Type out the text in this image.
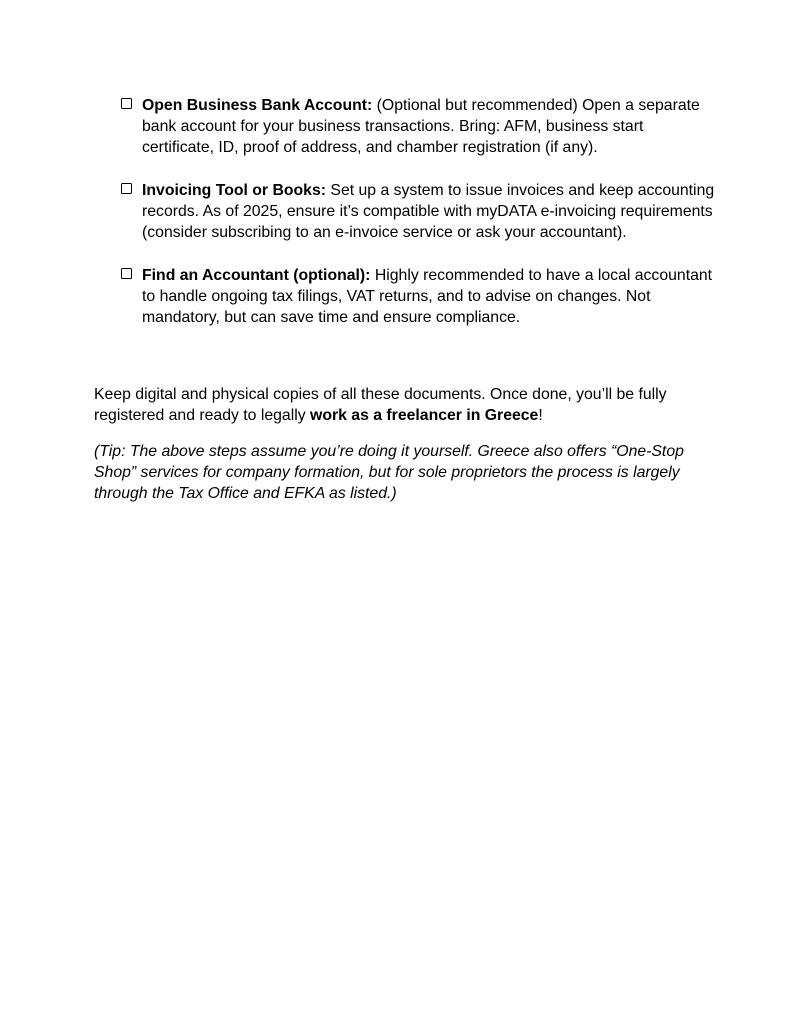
Open Business Bank Account: (Optional but recommended) Open a separate bank account for your business transactions. Bring: AFM, business start certificate, ID, proof of address, and chamber registration (if any).
Invoicing Tool or Books: Set up a system to issue invoices and keep accounting records. As of 2025, ensure it’s compatible with myDATA e-invoicing requirements (consider subscribing to an e-invoice service or ask your accountant).
Find an Accountant (optional): Highly recommended to have a local accountant to handle ongoing tax filings, VAT returns, and to advise on changes. Not mandatory, but can save time and ensure compliance.

Keep digital and physical copies of all these documents. Once done, you’ll be fully registered and ready to legally work as a freelancer in Greece!

(Tip: The above steps assume you’re doing it yourself. Greece also offers “One-Stop Shop” services for company formation, but for sole proprietors the process is largely through the Tax Office and EFKA as listed.)
